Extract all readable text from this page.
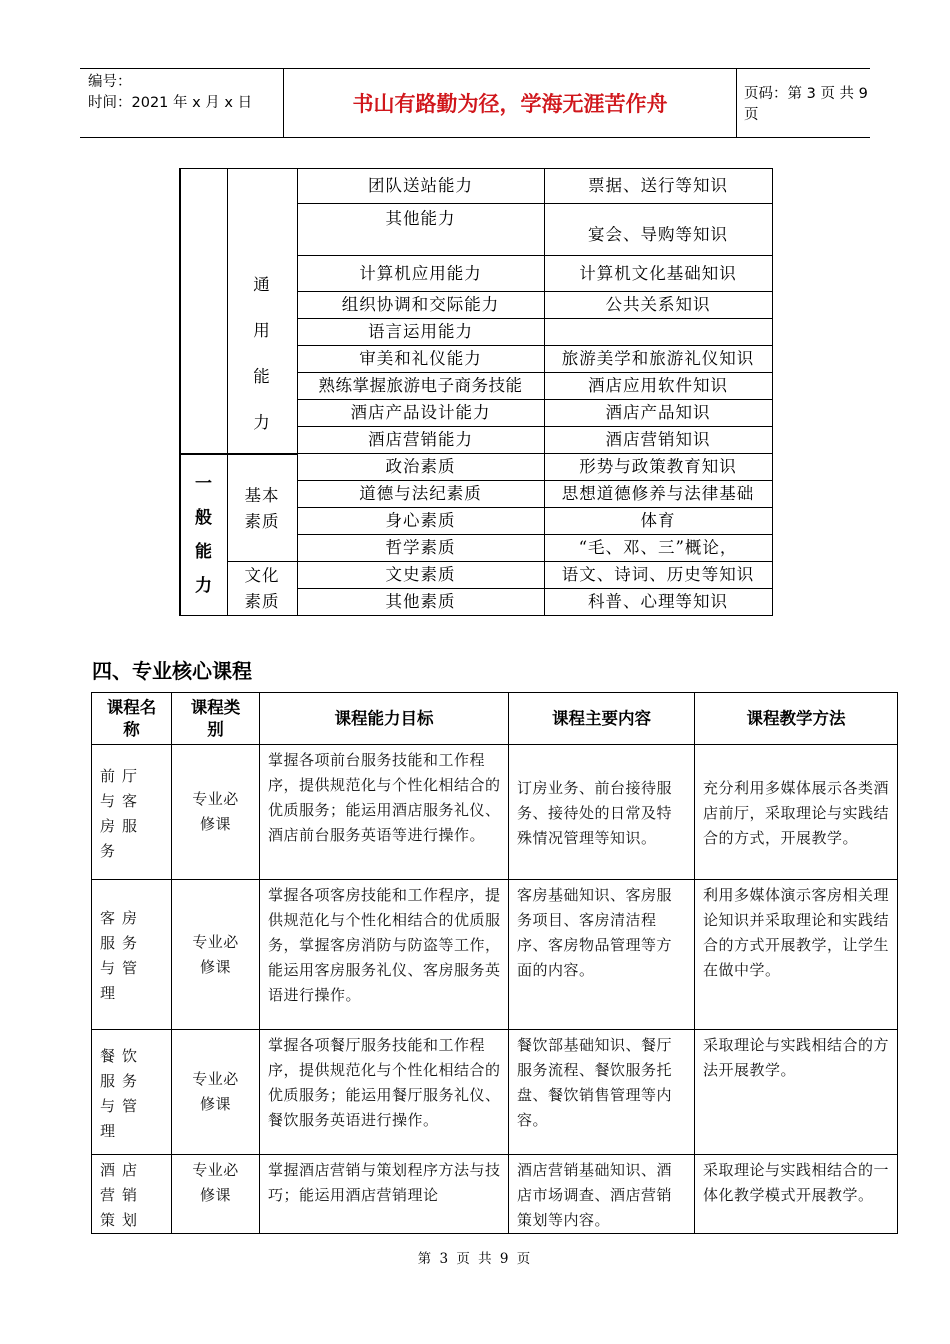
编号：
时间：2021 年 x 月 x 日	书山有路勤为径，学海无涯苦作舟	页码：第 3 页 共 9 页
		团队送站能力	票据、送行等知识
		其他能力	宴会、导购等知识
	通用能力	计算机应用能力	计算机文化基础知识
		组织协调和交际能力	公共关系知识
		语言运用能力	
		审美和礼仪能力	旅游美学和旅游礼仪知识
		熟练掌握旅游电子商务技能	酒店应用软件知识
		酒店产品设计能力	酒店产品知识
		酒店营销能力	酒店营销知识
一般能力	基本素质	政治素质	形势与政策教育知识
		道德与法纪素质	思想道德修养与法律基础
		身心素质	体育
		哲学素质	“毛、邓、三”概论，
	文化素质	文史素质	语文、诗词、历史等知识
		其他素质	科普、心理等知识
四、专业核心课程
课程名称	课程类别	课程能力目标	课程主要内容	课程教学方法
前厅与客房服务	专业必修课	掌握各项前台服务技能和工作程序，提供规范化与个性化相结合的优质服务；能运用酒店服务礼仪、酒店前台服务英语等进行操作。	订房业务、前台接待服务、接待处的日常及特殊情况管理等知识。	充分利用多媒体展示各类酒店前厅，采取理论与实践结合的方式，开展教学。
客房服务与管理	专业必修课	掌握各项客房技能和工作程序，提供规范化与个性化相结合的优质服务，掌握客房消防与防盗等工作，能运用客房服务礼仪、客房服务英语进行操作。	客房基础知识、客房服务项目、客房清洁程序、客房物品管理等方面的内容。	利用多媒体演示客房相关理论知识并采取理论和实践结合的方式开展教学，让学生在做中学。
餐饮服务与管理	专业必修课	掌握各项餐厅服务技能和工作程序，提供规范化与个性化相结合的优质服务；能运用餐厅服务礼仪、餐饮服务英语进行操作。	餐饮部基础知识、餐厅服务流程、餐饮服务托盘、餐饮销售管理等内容。	采取理论与实践相结合的方法开展教学。
酒店营销策划	专业必修课	掌握酒店营销与策划程序方法与技巧；能运用酒店营销理论	酒店营销基础知识、酒店市场调查、酒店营销策划等内容。	采取理论与实践相结合的一体化教学模式开展教学。
第 3 页 共 9 页
